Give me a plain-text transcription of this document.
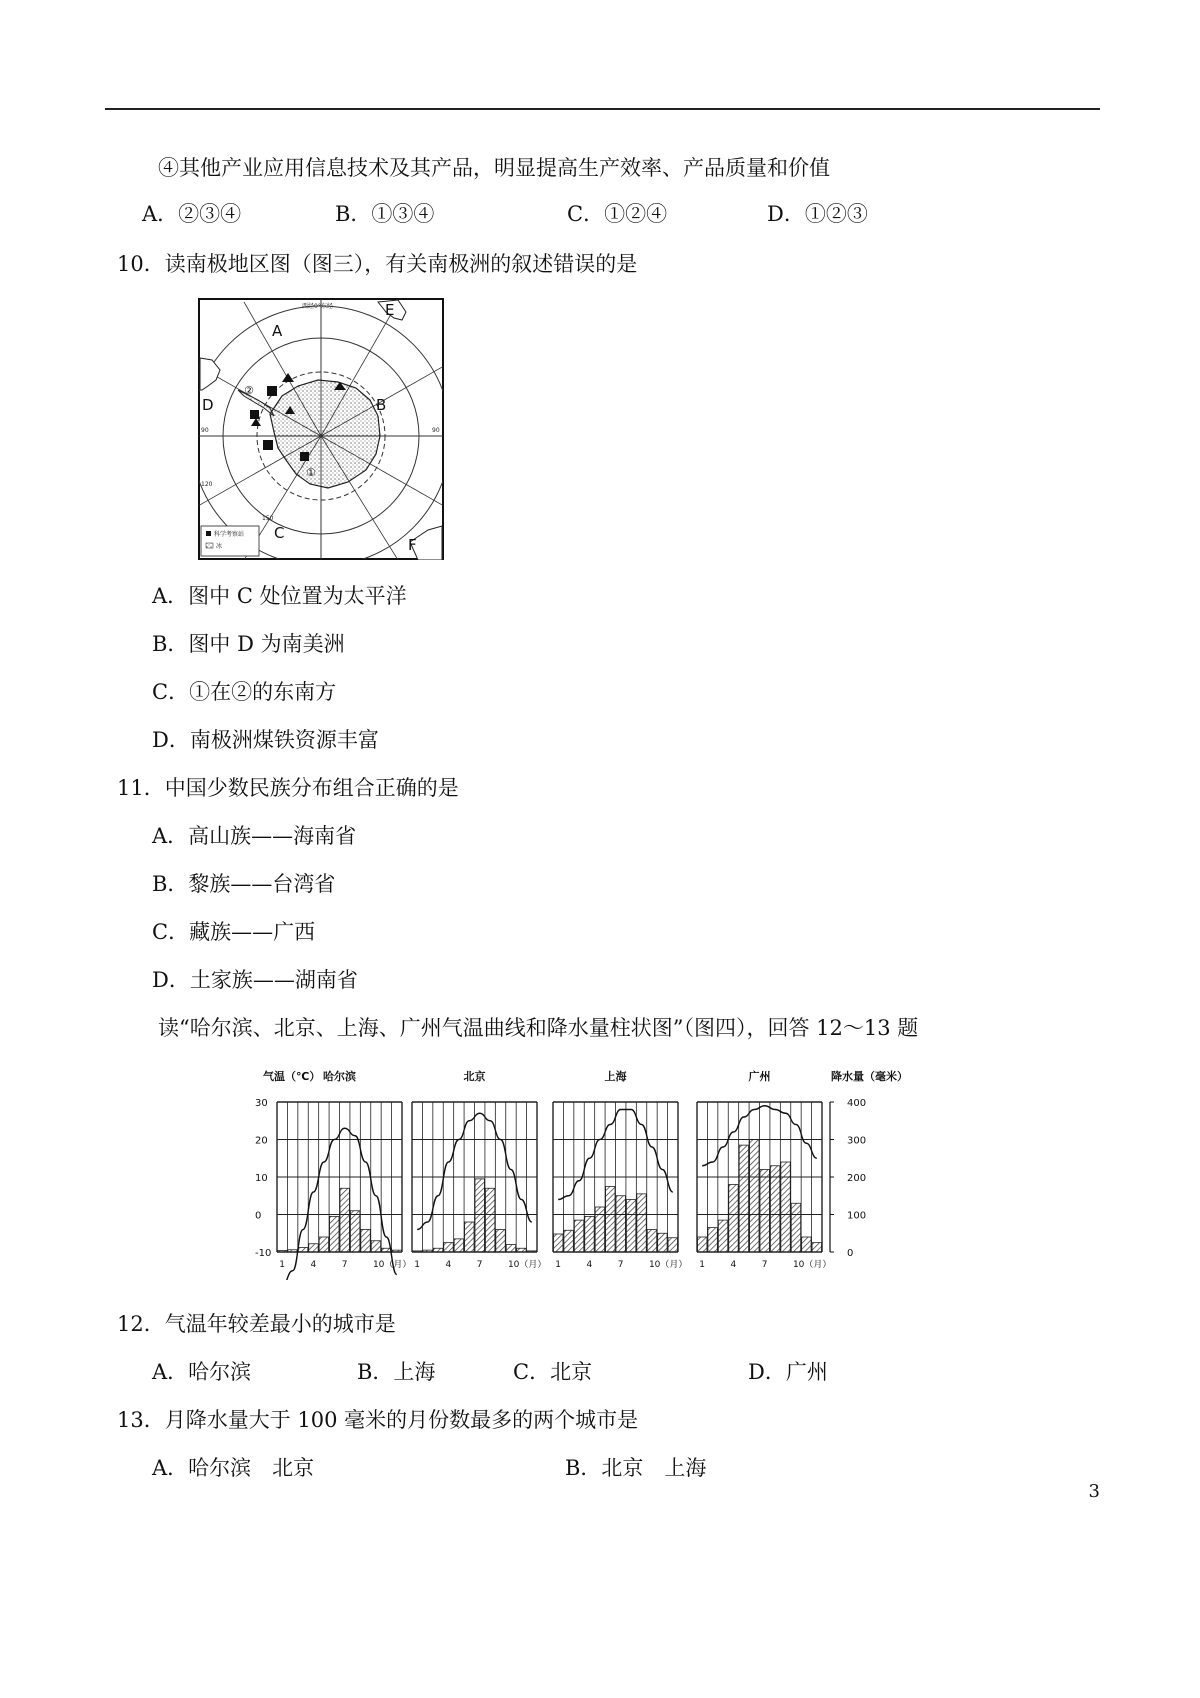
④其他产业应用信息技术及其产品，明显提高生产效率、产品质量和价值
A．②③④	B．①③④	C．①②④	D．①②③
10．读南极地区图（图三），有关南极洲的叙述错误的是
西经0°东经
A
B
C
D
E
F
①
②
90	90
120
150
科学考察站
冰
A．图中 C 处位置为太平洋
B．图中 D 为南美洲
C．①在②的东南方
D．南极洲煤铁资源丰富
11．中国少数民族分布组合正确的是
A．高山族——海南省
B．黎族——台湾省
C．藏族——广西
D．土家族——湖南省
读“哈尔滨、北京、上海、广州气温曲线和降水量柱状图”（图四），回答 12～13 题
气温（℃）	降水量（毫米）
30
20
10
0
-10
400
300
200
100
0
哈尔滨
1	4	7	10（月）
北京
1	4	7	10（月）
上海
1	4	7	10（月）
广州
1	4	7	10（月）
12．气温年较差最小的城市是
A．哈尔滨	B．上海	C．北京	D．广州
13．月降水量大于 100 毫米的月份数最多的两个城市是
A．哈尔滨　北京	B．北京　上海
3
